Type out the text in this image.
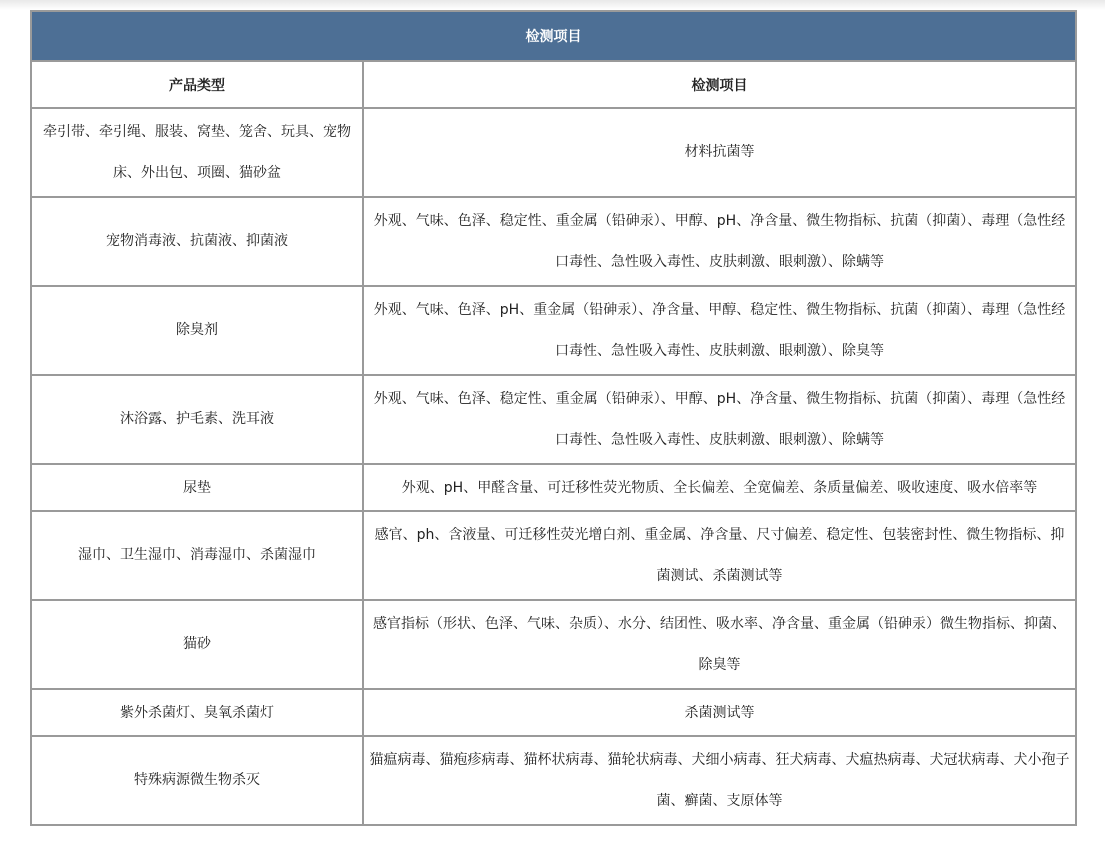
检测项目	
产品类型	检测项目
牵引带、牵引绳、服装、窝垫、笼舍、玩具、宠物床、外出包、项圈、猫砂盆	材料抗菌等
宠物消毒液、抗菌液、抑菌液	外观、气味、色泽、稳定性、重金属（铅砷汞）、甲醇、pH、净含量、微生物指标、抗菌（抑菌）、毒理（急性经口毒性、急性吸入毒性、皮肤刺激、眼刺激）、除螨等
除臭剂	外观、气味、色泽、pH、重金属（铅砷汞）、净含量、甲醇、稳定性、微生物指标、抗菌（抑菌）、毒理（急性经口毒性、急性吸入毒性、皮肤刺激、眼刺激）、除臭等
沐浴露、护毛素、洗耳液	外观、气味、色泽、稳定性、重金属（铅砷汞）、甲醇、pH、净含量、微生物指标、抗菌（抑菌）、毒理（急性经口毒性、急性吸入毒性、皮肤刺激、眼刺激）、除螨等
尿垫	外观、pH、甲醛含量、可迁移性荧光物质、全长偏差、全宽偏差、条质量偏差、吸收速度、吸水倍率等
湿巾、卫生湿巾、消毒湿巾、杀菌湿巾	感官、ph、含液量、可迁移性荧光增白剂、重金属、净含量、尺寸偏差、稳定性、包装密封性、微生物指标、抑菌测试、杀菌测试等
猫砂	感官指标（形状、色泽、气味、杂质）、水分、结团性、吸水率、净含量、重金属（铅砷汞）微生物指标、抑菌、除臭等
紫外杀菌灯、臭氧杀菌灯	杀菌测试等
特殊病源微生物杀灭	猫瘟病毒、猫疱疹病毒、猫杯状病毒、猫轮状病毒、犬细小病毒、狂犬病毒、犬瘟热病毒、犬冠状病毒、犬小孢子菌、癣菌、支原体等
